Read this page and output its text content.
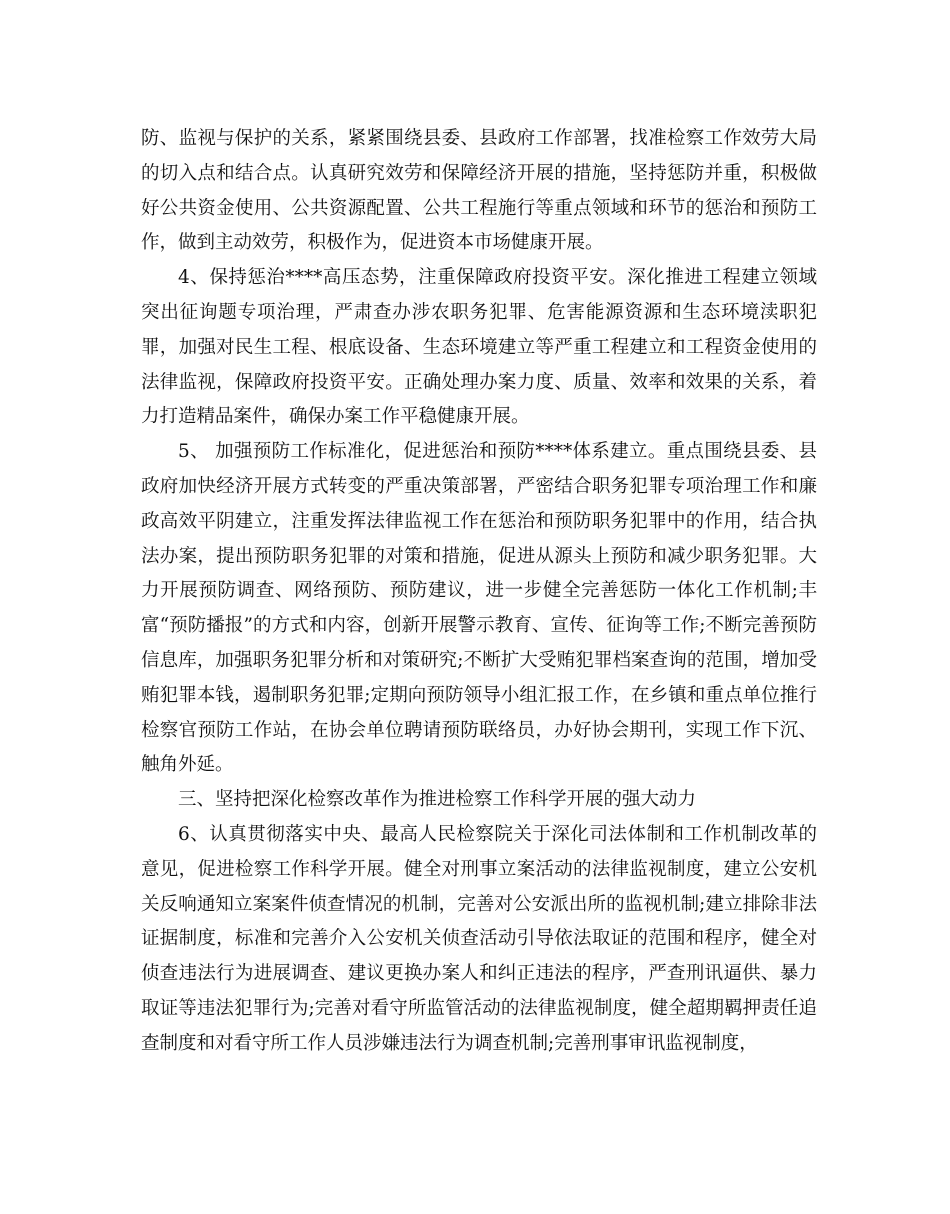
防、监视与保护的关系，紧紧围绕县委、县政府工作部署，找准检察工作效劳大局的切入点和结合点。认真研究效劳和保障经济开展的措施，坚持惩防并重，积极做好公共资金使用、公共资源配置、公共工程施行等重点领域和环节的惩治和预防工作，做到主动效劳，积极作为，促进资本市场健康开展。

4、保持惩治****高压态势，注重保障政府投资平安。深化推进工程建立领域突出征询题专项治理，严肃查办涉农职务犯罪、危害能源资源和生态环境渎职犯罪，加强对民生工程、根底设备、生态环境建立等严重工程建立和工程资金使用的法律监视，保障政府投资平安。正确处理办案力度、质量、效率和效果的关系，着力打造精品案件，确保办案工作平稳健康开展。

5、 加强预防工作标准化，促进惩治和预防****体系建立。重点围绕县委、县政府加快经济开展方式转变的严重决策部署，严密结合职务犯罪专项治理工作和廉政高效平阴建立，注重发挥法律监视工作在惩治和预防职务犯罪中的作用，结合执法办案，提出预防职务犯罪的对策和措施，促进从源头上预防和减少职务犯罪。大力开展预防调查、网络预防、预防建议，进一步健全完善惩防一体化工作机制;丰富“预防播报”的方式和内容，创新开展警示教育、宣传、征询等工作;不断完善预防信息库，加强职务犯罪分析和对策研究;不断扩大受贿犯罪档案查询的范围，增加受贿犯罪本钱，遏制职务犯罪;定期向预防领导小组汇报工作，在乡镇和重点单位推行检察官预防工作站，在协会单位聘请预防联络员，办好协会期刊，实现工作下沉、触角外延。

三、坚持把深化检察改革作为推进检察工作科学开展的强大动力

6、认真贯彻落实中央、最高人民检察院关于深化司法体制和工作机制改革的意见，促进检察工作科学开展。健全对刑事立案活动的法律监视制度，建立公安机关反响通知立案案件侦查情况的机制，完善对公安派出所的监视机制;建立排除非法证据制度，标准和完善介入公安机关侦查活动引导依法取证的范围和程序，健全对侦查违法行为进展调查、建议更换办案人和纠正违法的程序，严查刑讯逼供、暴力取证等违法犯罪行为;完善对看守所监管活动的法律监视制度，健全超期羁押责任追查制度和对看守所工作人员涉嫌违法行为调查机制;完善刑事审讯监视制度，
